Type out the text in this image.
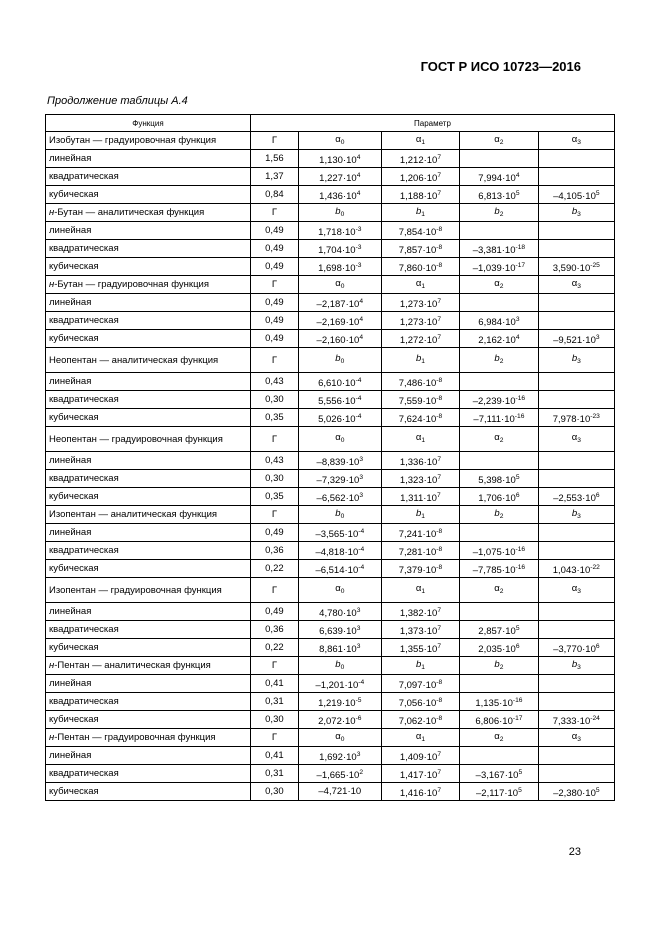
ГОСТ Р ИСО 10723—2016
Продолжение таблицы А.4
Функция	Параметр				
Изобутан — градуировочная функция	Г	$\alpha_0$	$\alpha_1$	$\alpha_2$	$\alpha_3$
линейная	1,56	$1,130\cdot 10^4$	$1,212\cdot 10^7$		
квадратическая	1,37	$1,227\cdot 10^4$	$1,206\cdot 10^7$	$7,994\cdot 10^4$	
кубическая	0,84	$1,436\cdot 10^4$	$1,188\cdot 10^7$	$6,813\cdot 10^5$	$-4,105\cdot 10^5$
н-Бутан — аналитическая функция	Г	$b_0$	$b_1$	$b_2$	$b_3$
линейная	0,49	$1,718\cdot 10^{-3}$	$7,854\cdot 10^{-8}$		
квадратическая	0,49	$1,704\cdot 10^{-3}$	$7,857\cdot 10^{-8}$	$-3,381\cdot 10^{-18}$	
кубическая	0,49	$1,698\cdot 10^{-3}$	$7,860\cdot 10^{-8}$	$-1,039\cdot 10^{-17}$	$3,590\cdot 10^{-25}$
н-Бутан — градуировочная функция	Г	$\alpha_0$	$\alpha_1$	$\alpha_2$	$\alpha_3$
линейная	0,49	$-2,187\cdot 10^4$	$1,273\cdot 10^7$		
квадратическая	0,49	$-2,169\cdot 10^4$	$1,273\cdot 10^7$	$6,984\cdot 10^3$	
кубическая	0,49	$-2,160\cdot 10^4$	$1,272\cdot 10^7$	$2,162\cdot 10^4$	$-9,521\cdot 10^3$
Неопентан — аналитическая функция	Г	$b_0$	$b_1$	$b_2$	$b_3$
линейная	0,43	$6,610\cdot 10^{-4}$	$7,486\cdot 10^{-8}$		
квадратическая	0,30	$5,556\cdot 10^{-4}$	$7,559\cdot 10^{-8}$	$-2,239\cdot 10^{-16}$	
кубическая	0,35	$5,026\cdot 10^{-4}$	$7,624\cdot 10^{-8}$	$-7,111\cdot 10^{-16}$	$7,978\cdot 10^{-23}$
Неопентан — градуировочная функция	Г	$\alpha_0$	$\alpha_1$	$\alpha_2$	$\alpha_3$
линейная	0,43	$-8,839\cdot 10^3$	$1,336\cdot 10^7$		
квадратическая	0,30	$-7,329\cdot 10^3$	$1,323\cdot 10^7$	$5,398\cdot 10^5$	
кубическая	0,35	$-6,562\cdot 10^3$	$1,311\cdot 10^7$	$1,706\cdot 10^6$	$-2,553\cdot 10^6$
Изопентан — аналитическая функция	Г	$b_0$	$b_1$	$b_2$	$b_3$
линейная	0,49	$-3,565\cdot 10^{-4}$	$7,241\cdot 10^{-8}$		
квадратическая	0,36	$-4,818\cdot 10^{-4}$	$7,281\cdot 10^{-8}$	$-1,075\cdot 10^{-16}$	
кубическая	0,22	$-6,514\cdot 10^{-4}$	$7,379\cdot 10^{-8}$	$-7,785\cdot 10^{-16}$	$1,043\cdot 10^{-22}$
Изопентан — градуировочная функция	Г	$\alpha_0$	$\alpha_1$	$\alpha_2$	$\alpha_3$
линейная	0,49	$4,780\cdot 10^3$	$1,382\cdot 10^7$		
квадратическая	0,36	$6,639\cdot 10^3$	$1,373\cdot 10^7$	$2,857\cdot 10^5$	
кубическая	0,22	$8,861\cdot 10^3$	$1,355\cdot 10^7$	$2,035\cdot 10^6$	$-3,770\cdot 10^6$
н-Пентан — аналитическая функция	Г	$b_0$	$b_1$	$b_2$	$b_3$
линейная	0,41	$-1,201\cdot 10^{-4}$	$7,097\cdot 10^{-8}$		
квадратическая	0,31	$1,219\cdot 10^{-5}$	$7,056\cdot 10^{-8}$	$1,135\cdot 10^{-16}$	
кубическая	0,30	$2,072\cdot 10^{-6}$	$7,062\cdot 10^{-8}$	$6,806\cdot 10^{-17}$	$7,333\cdot 10^{-24}$
н-Пентан — градуировочная функция	Г	$\alpha_0$	$\alpha_1$	$\alpha_2$	$\alpha_3$
линейная	0,41	$1,692\cdot 10^3$	$1,409\cdot 10^7$		
квадратическая	0,31	$-1,665\cdot 10^2$	$1,417\cdot 10^7$	$-3,167\cdot 10^5$	
кубическая	0,30	–4,721·10	$1,416\cdot 10^7$	$-2,117\cdot 10^5$	$-2,380\cdot 10^5$
23
